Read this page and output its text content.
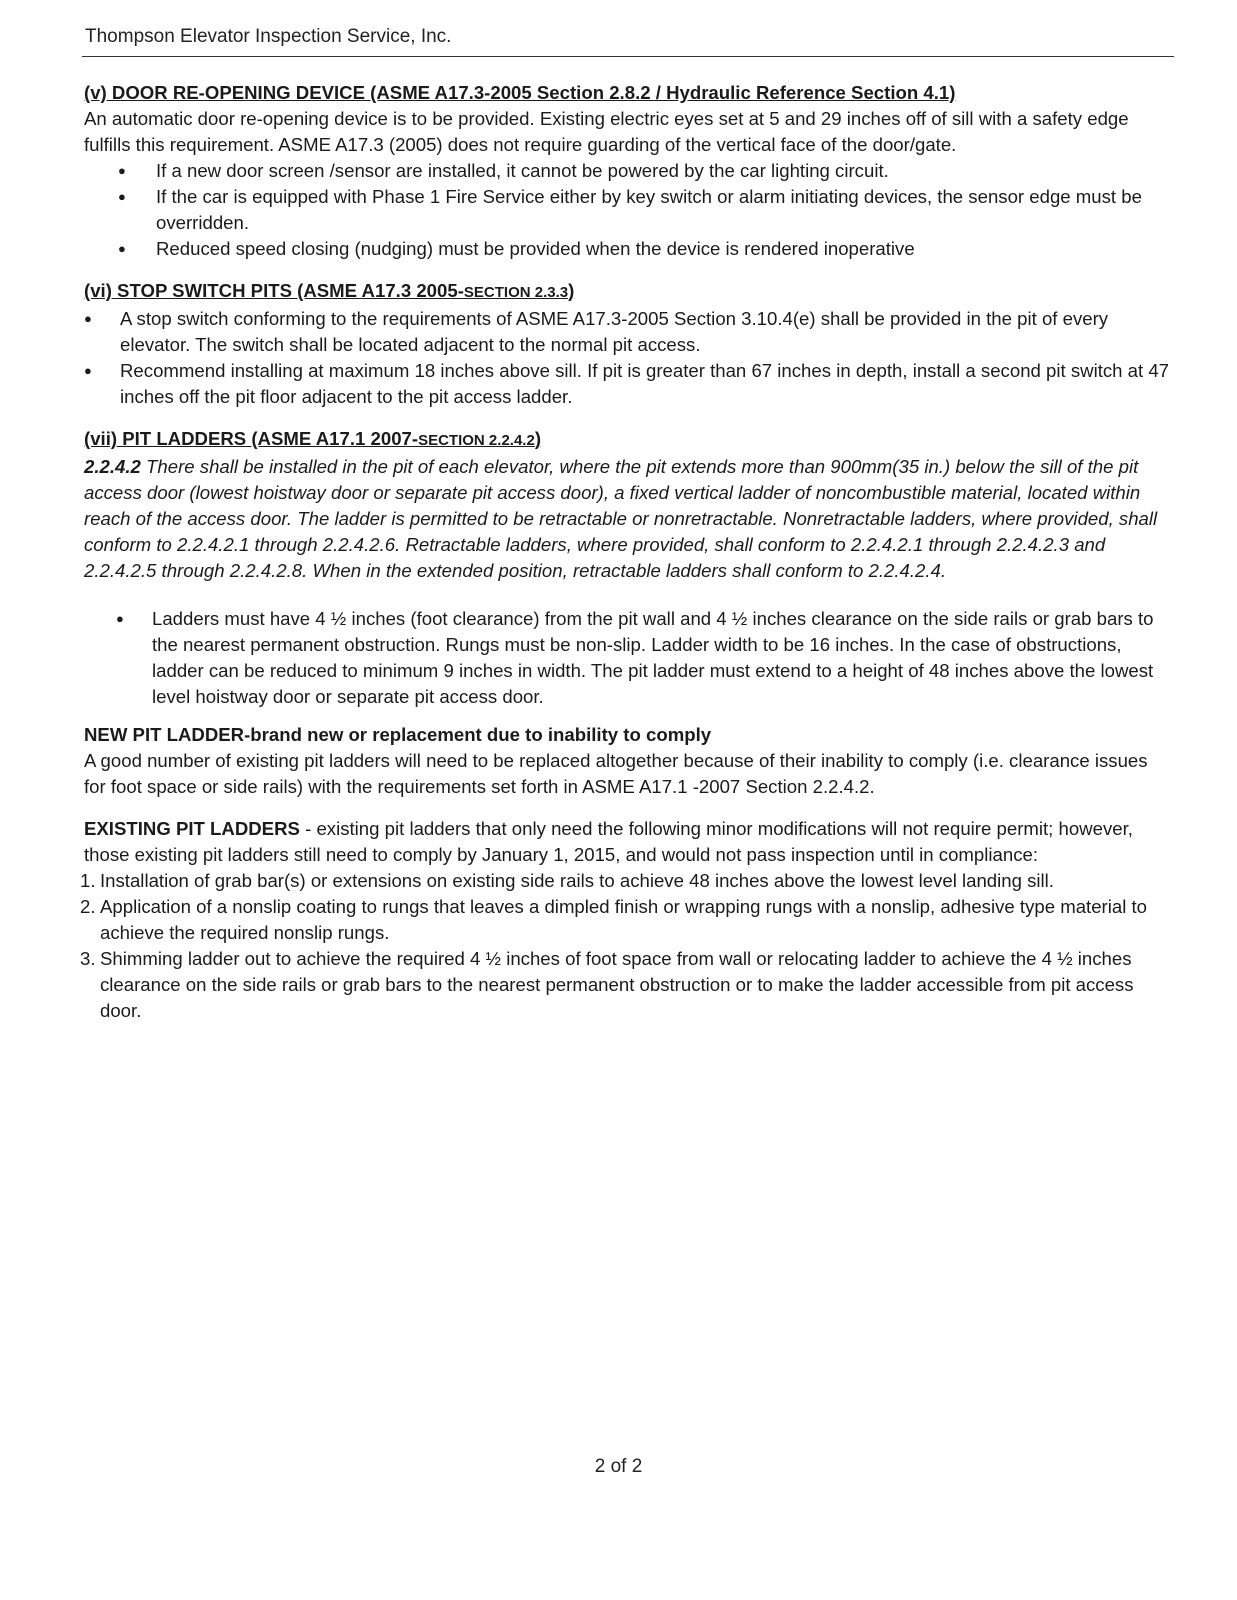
Thompson Elevator Inspection Service, Inc.

(v) DOOR RE-OPENING DEVICE (ASME A17.3-2005 Section 2.8.2 / Hydraulic Reference Section 4.1)

An automatic door re-opening device is to be provided. Existing electric eyes set at 5 and 29 inches off of sill with a safety edge fulfills this requirement. ASME A17.3 (2005) does not require guarding of the vertical face of the door/gate.

● If a new door screen /sensor are installed, it cannot be powered by the car lighting circuit.
● If the car is equipped with Phase 1 Fire Service either by key switch or alarm initiating devices, the sensor edge must be overridden.
● Reduced speed closing (nudging) must be provided when the device is rendered inoperative

(vi) STOP SWITCH PITS (ASME A17.3 2005-SECTION 2.3.3)

● A stop switch conforming to the requirements of ASME A17.3-2005 Section 3.10.4(e) shall be provided in the pit of every elevator. The switch shall be located adjacent to the normal pit access.
● Recommend installing at maximum 18 inches above sill. If pit is greater than 67 inches in depth, install a second pit switch at 47 inches off the pit floor adjacent to the pit access ladder.

(vii) PIT LADDERS (ASME A17.1 2007-SECTION 2.2.4.2)

2.2.4.2 There shall be installed in the pit of each elevator, where the pit extends more than 900mm(35 in.) below the sill of the pit access door (lowest hoistway door or separate pit access door), a fixed vertical ladder of noncombustible material, located within reach of the access door. The ladder is permitted to be retractable or nonretractable. Nonretractable ladders, where provided, shall conform to 2.2.4.2.1 through 2.2.4.2.6. Retractable ladders, where provided, shall conform to 2.2.4.2.1 through 2.2.4.2.3 and 2.2.4.2.5 through 2.2.4.2.8. When in the extended position, retractable ladders shall conform to 2.2.4.2.4.

● Ladders must have 4 ½ inches (foot clearance) from the pit wall and 4 ½ inches clearance on the side rails or grab bars to the nearest permanent obstruction. Rungs must be non-slip. Ladder width to be 16 inches. In the case of obstructions, ladder can be reduced to minimum 9 inches in width. The pit ladder must extend to a height of 48 inches above the lowest level hoistway door or separate pit access door.

NEW PIT LADDER-brand new or replacement due to inability to comply

A good number of existing pit ladders will need to be replaced altogether because of their inability to comply (i.e. clearance issues for foot space or side rails) with the requirements set forth in ASME A17.1 -2007 Section 2.2.4.2.

EXISTING PIT LADDERS - existing pit ladders that only need the following minor modifications will not require permit; however, those existing pit ladders still need to comply by January 1, 2015, and would not pass inspection until in compliance:

1. Installation of grab bar(s) or extensions on existing side rails to achieve 48 inches above the lowest level landing sill.
2. Application of a nonslip coating to rungs that leaves a dimpled finish or wrapping rungs with a nonslip, adhesive type material to achieve the required nonslip rungs.
3. Shimming ladder out to achieve the required 4 ½ inches of foot space from wall or relocating ladder to achieve the 4 ½ inches clearance on the side rails or grab bars to the nearest permanent obstruction or to make the ladder accessible from pit access door.
2 of 2
